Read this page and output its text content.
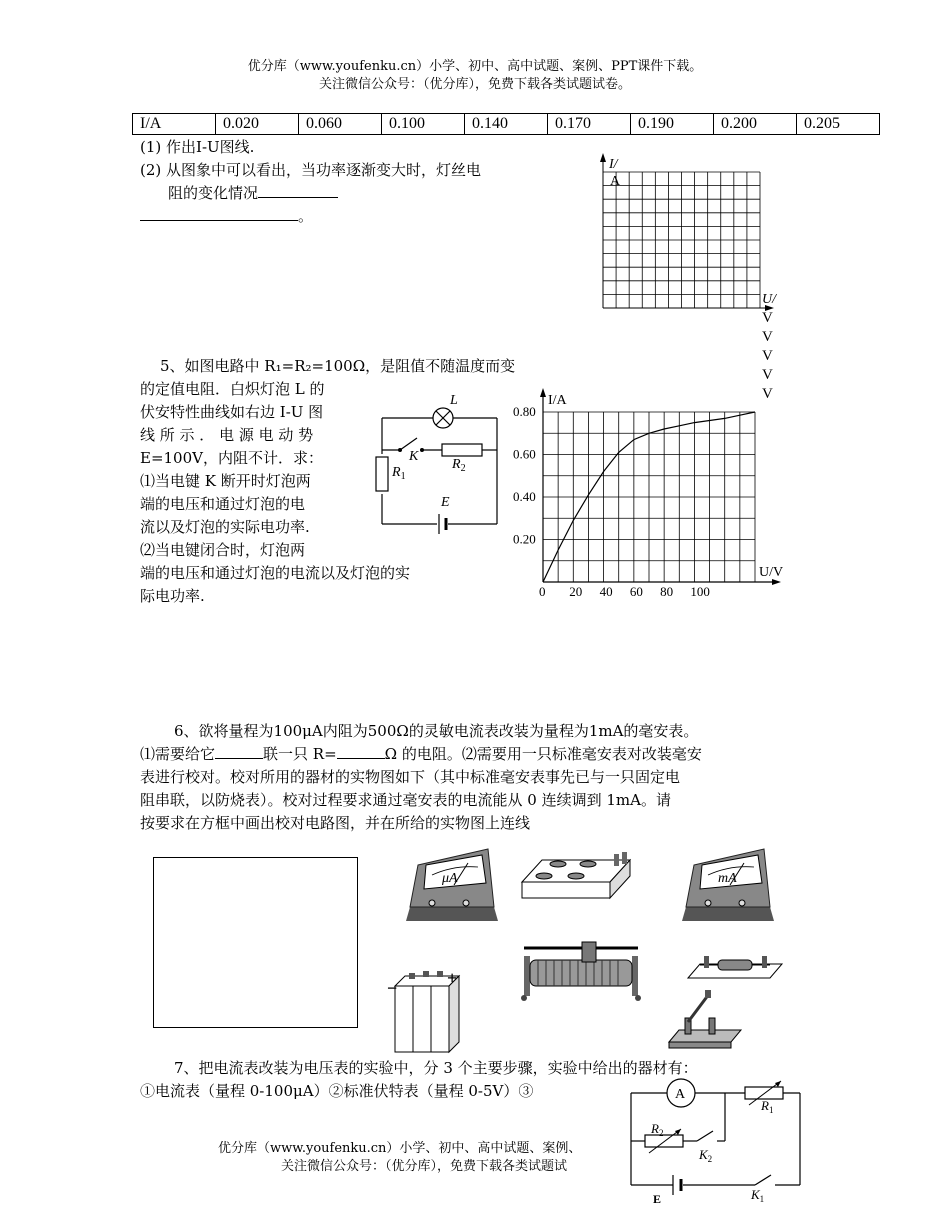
优分库（www.youfenku.cn）小学、初中、高中试题、案例、PPT课件下载。
关注微信公众号：（优分库），免费下载各类试题试卷。
I/A	0.020	0.060	0.100	0.140	0.170	0.190	0.200	0.205
(1) 作出I-U图线.
(2) 从图象中可以看出，当功率逐渐变大时，灯丝电
阻的变化情况
。
I/
A
U/
V
V
V
V
V
5、如图电路中 R₁=R₂=100Ω，是阻值不随温度而变
的定值电阻．白炽灯泡 L 的
伏安特性曲线如右边 I-U 图
线 所 示 ． 电 源 电 动 势
E=100V，内阻不计．求：
⑴当电键 K 断开时灯泡两
端的电压和通过灯泡的电
流以及灯泡的实际电功率.
⑵当电键闭合时，灯泡两
端的电压和通过灯泡的电流以及灯泡的实
际电功率.
L
K
$R_2$
$R_1$
E
0 20 40 60 80 100
0.20
0.40
0.60
0.80
I/A
U/V
6、欲将量程为100μA内阻为500Ω的灵敏电流表改装为量程为1mA的毫安表。
⑴需要给它	联一只 R=	Ω 的电阻。⑵需要用一只标准毫安表对改装毫安
表进行校对。校对所用的器材的实物图如下（其中标准毫安表事先已与一只固定电
阻串联，以防烧表）。校对过程要求通过毫安表的电流能从 0 连续调到 1mA。请
按要求在方框中画出校对电路图，并在所给的实物图上连线
μA	mA
−	+
7、把电流表改装为电压表的实验中，分 3 个主要步骤，实验中给出的器材有：
①电流表（量程 0-100μA）②标准伏特表（量程 0-5V）③
优分库（www.youfenku.cn）小学、初中、高中试题、案例、
关注微信公众号：（优分库），免费下载各类试题试
A
$R_1$
$R_2$
$K_2$
$K_1$
E
